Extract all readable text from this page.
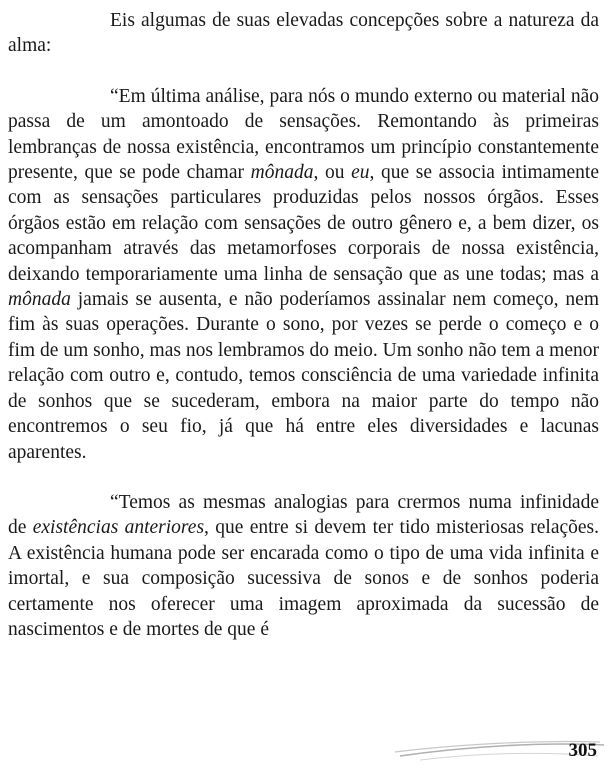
Eis algumas de suas elevadas concepções sobre a natureza da alma:

“Em última análise, para nós o mundo externo ou material não passa de um amontoado de sensações. Remontando às primeiras lembranças de nossa existência, encontramos um princípio constantemente presente, que se pode chamar mônada, ou eu, que se associa intimamente com as sensações particulares produzidas pelos nossos órgãos. Esses órgãos estão em relação com sensações de outro gênero e, a bem dizer, os acompanham através das metamorfoses corporais de nossa existência, deixando temporariamente uma linha de sensação que as une todas; mas a mônada jamais se ausenta, e não poderíamos assinalar nem começo, nem fim às suas operações. Durante o sono, por vezes se perde o começo e o fim de um sonho, mas nos lembramos do meio. Um sonho não tem a menor relação com outro e, contudo, temos consciência de uma variedade infinita de sonhos que se sucederam, embora na maior parte do tempo não encontremos o seu fio, já que há entre eles diversidades e lacunas aparentes.

“Temos as mesmas analogias para crermos numa infinidade de existências anteriores, que entre si devem ter tido misteriosas relações. A existência humana pode ser encarada como o tipo de uma vida infinita e imortal, e sua composição sucessiva de sonos e de sonhos poderia certamente nos oferecer uma imagem aproximada da sucessão de nascimentos e de mortes de que é

305
